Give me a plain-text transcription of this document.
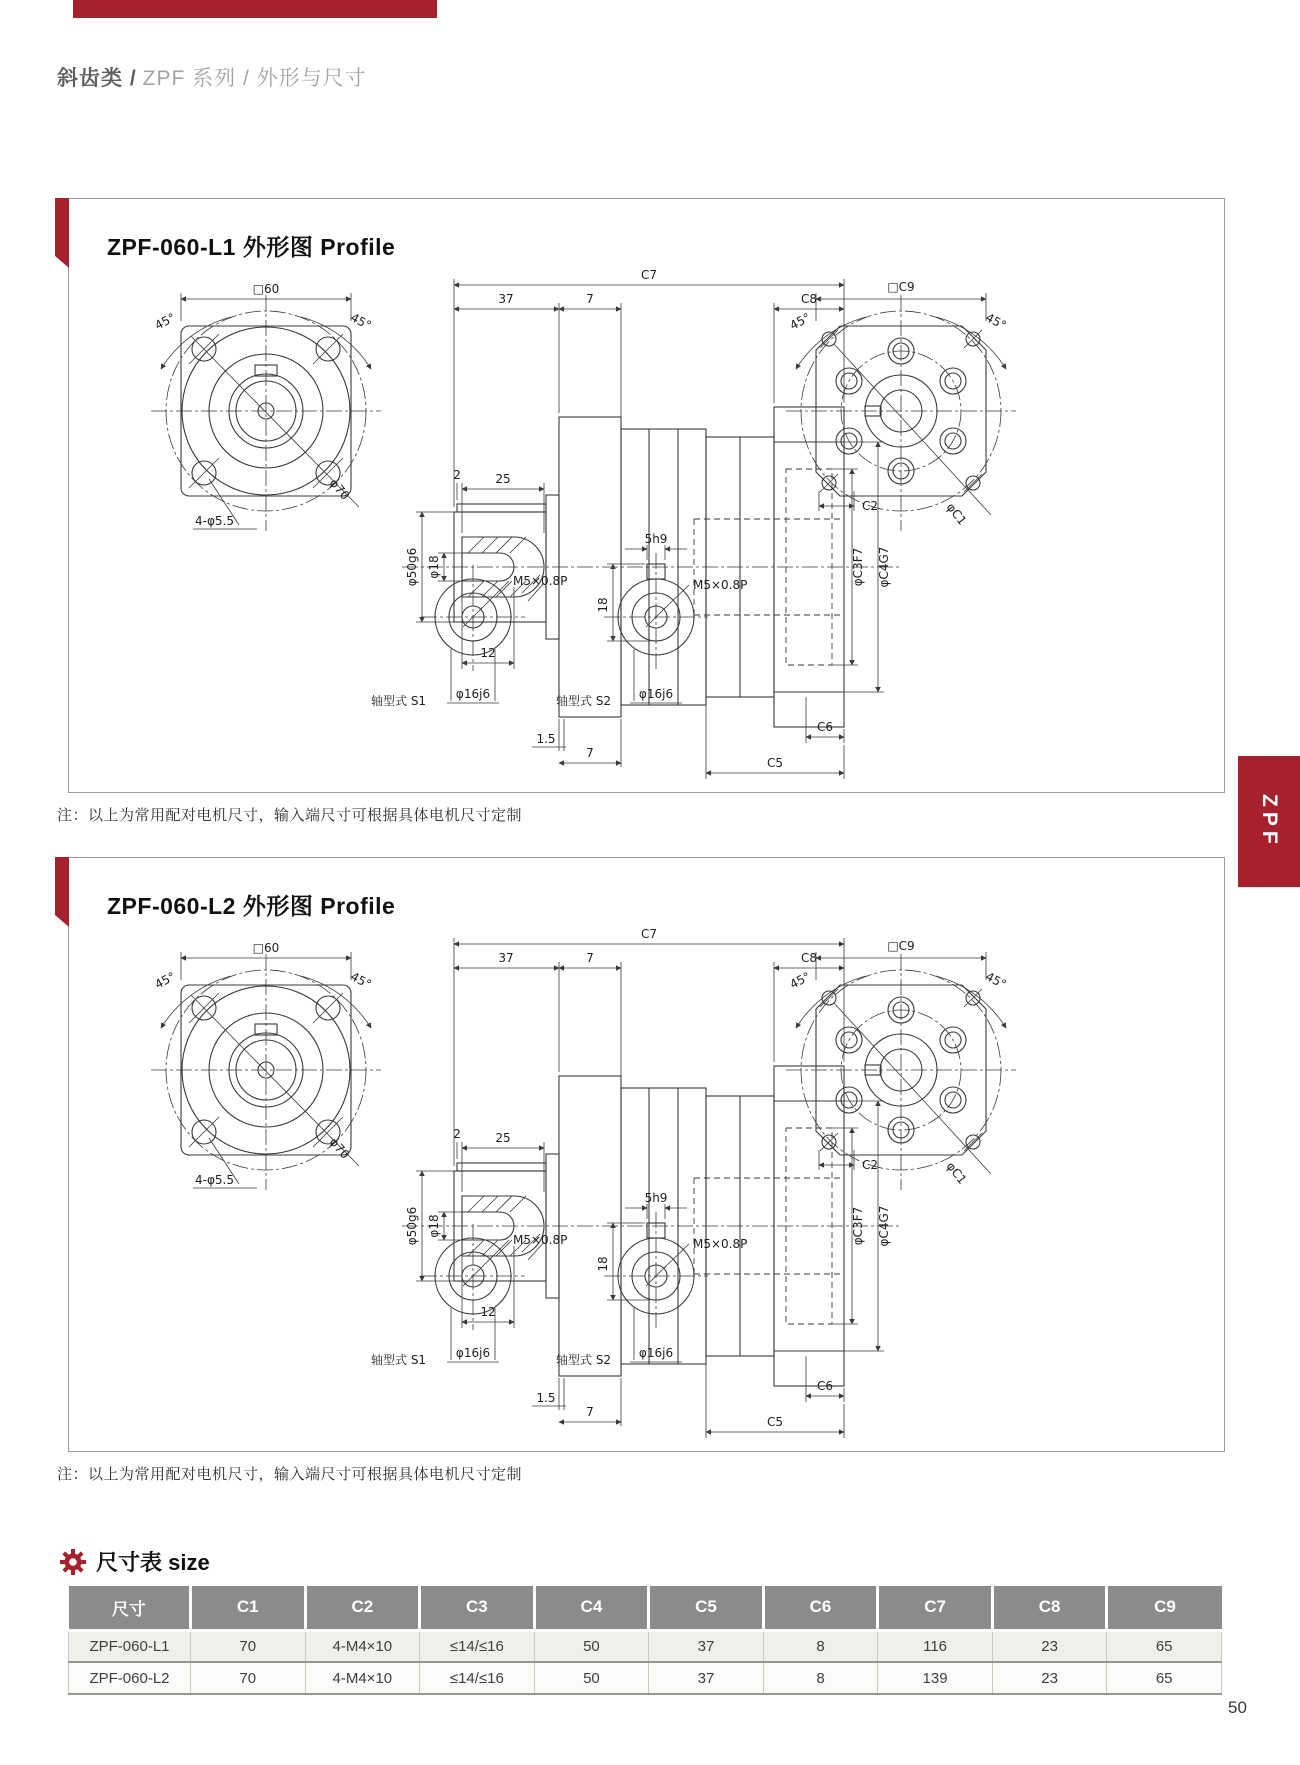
斜齿类 / ZPF 系列 / 外形与尺寸
ZPF-060-L1 外形图 Profile
□60
45°	45°
4-φ5.5
φ70
C7
37	7	C8
2	25
φ50g6 φ18
12
1.5
7
C6
C5
φC3F7 φC4G7
□C9
45°	45°
C2	φC1
M5×0.8P
φ16j6
轴型式 S1
5h9
18
M5×0.8P
φ16j6
轴型式 S2
注：以上为常用配对电机尺寸，输入端尺寸可根据具体电机尺寸定制
ZPF-060-L2 外形图 Profile
□60
45°	45°
4-φ5.5
φ70
C7
37	7	C8
2	25
φ50g6 φ18
12
1.5
7
C6
C5
φC3F7 φC4G7
□C9
45°	45°
C2	φC1
M5×0.8P
φ16j6
轴型式 S1
5h9
18
M5×0.8P
φ16j6
轴型式 S2
注：以上为常用配对电机尺寸，输入端尺寸可根据具体电机尺寸定制
ZPF
尺寸表 size
尺寸	C1	C2	C3	C4	C5	C6	C7	C8	C9
ZPF-060-L1	70	4-M4×10	≤14/≤16	50	37	8	116	23	65
ZPF-060-L2	70	4-M4×10	≤14/≤16	50	37	8	139	23	65
50
